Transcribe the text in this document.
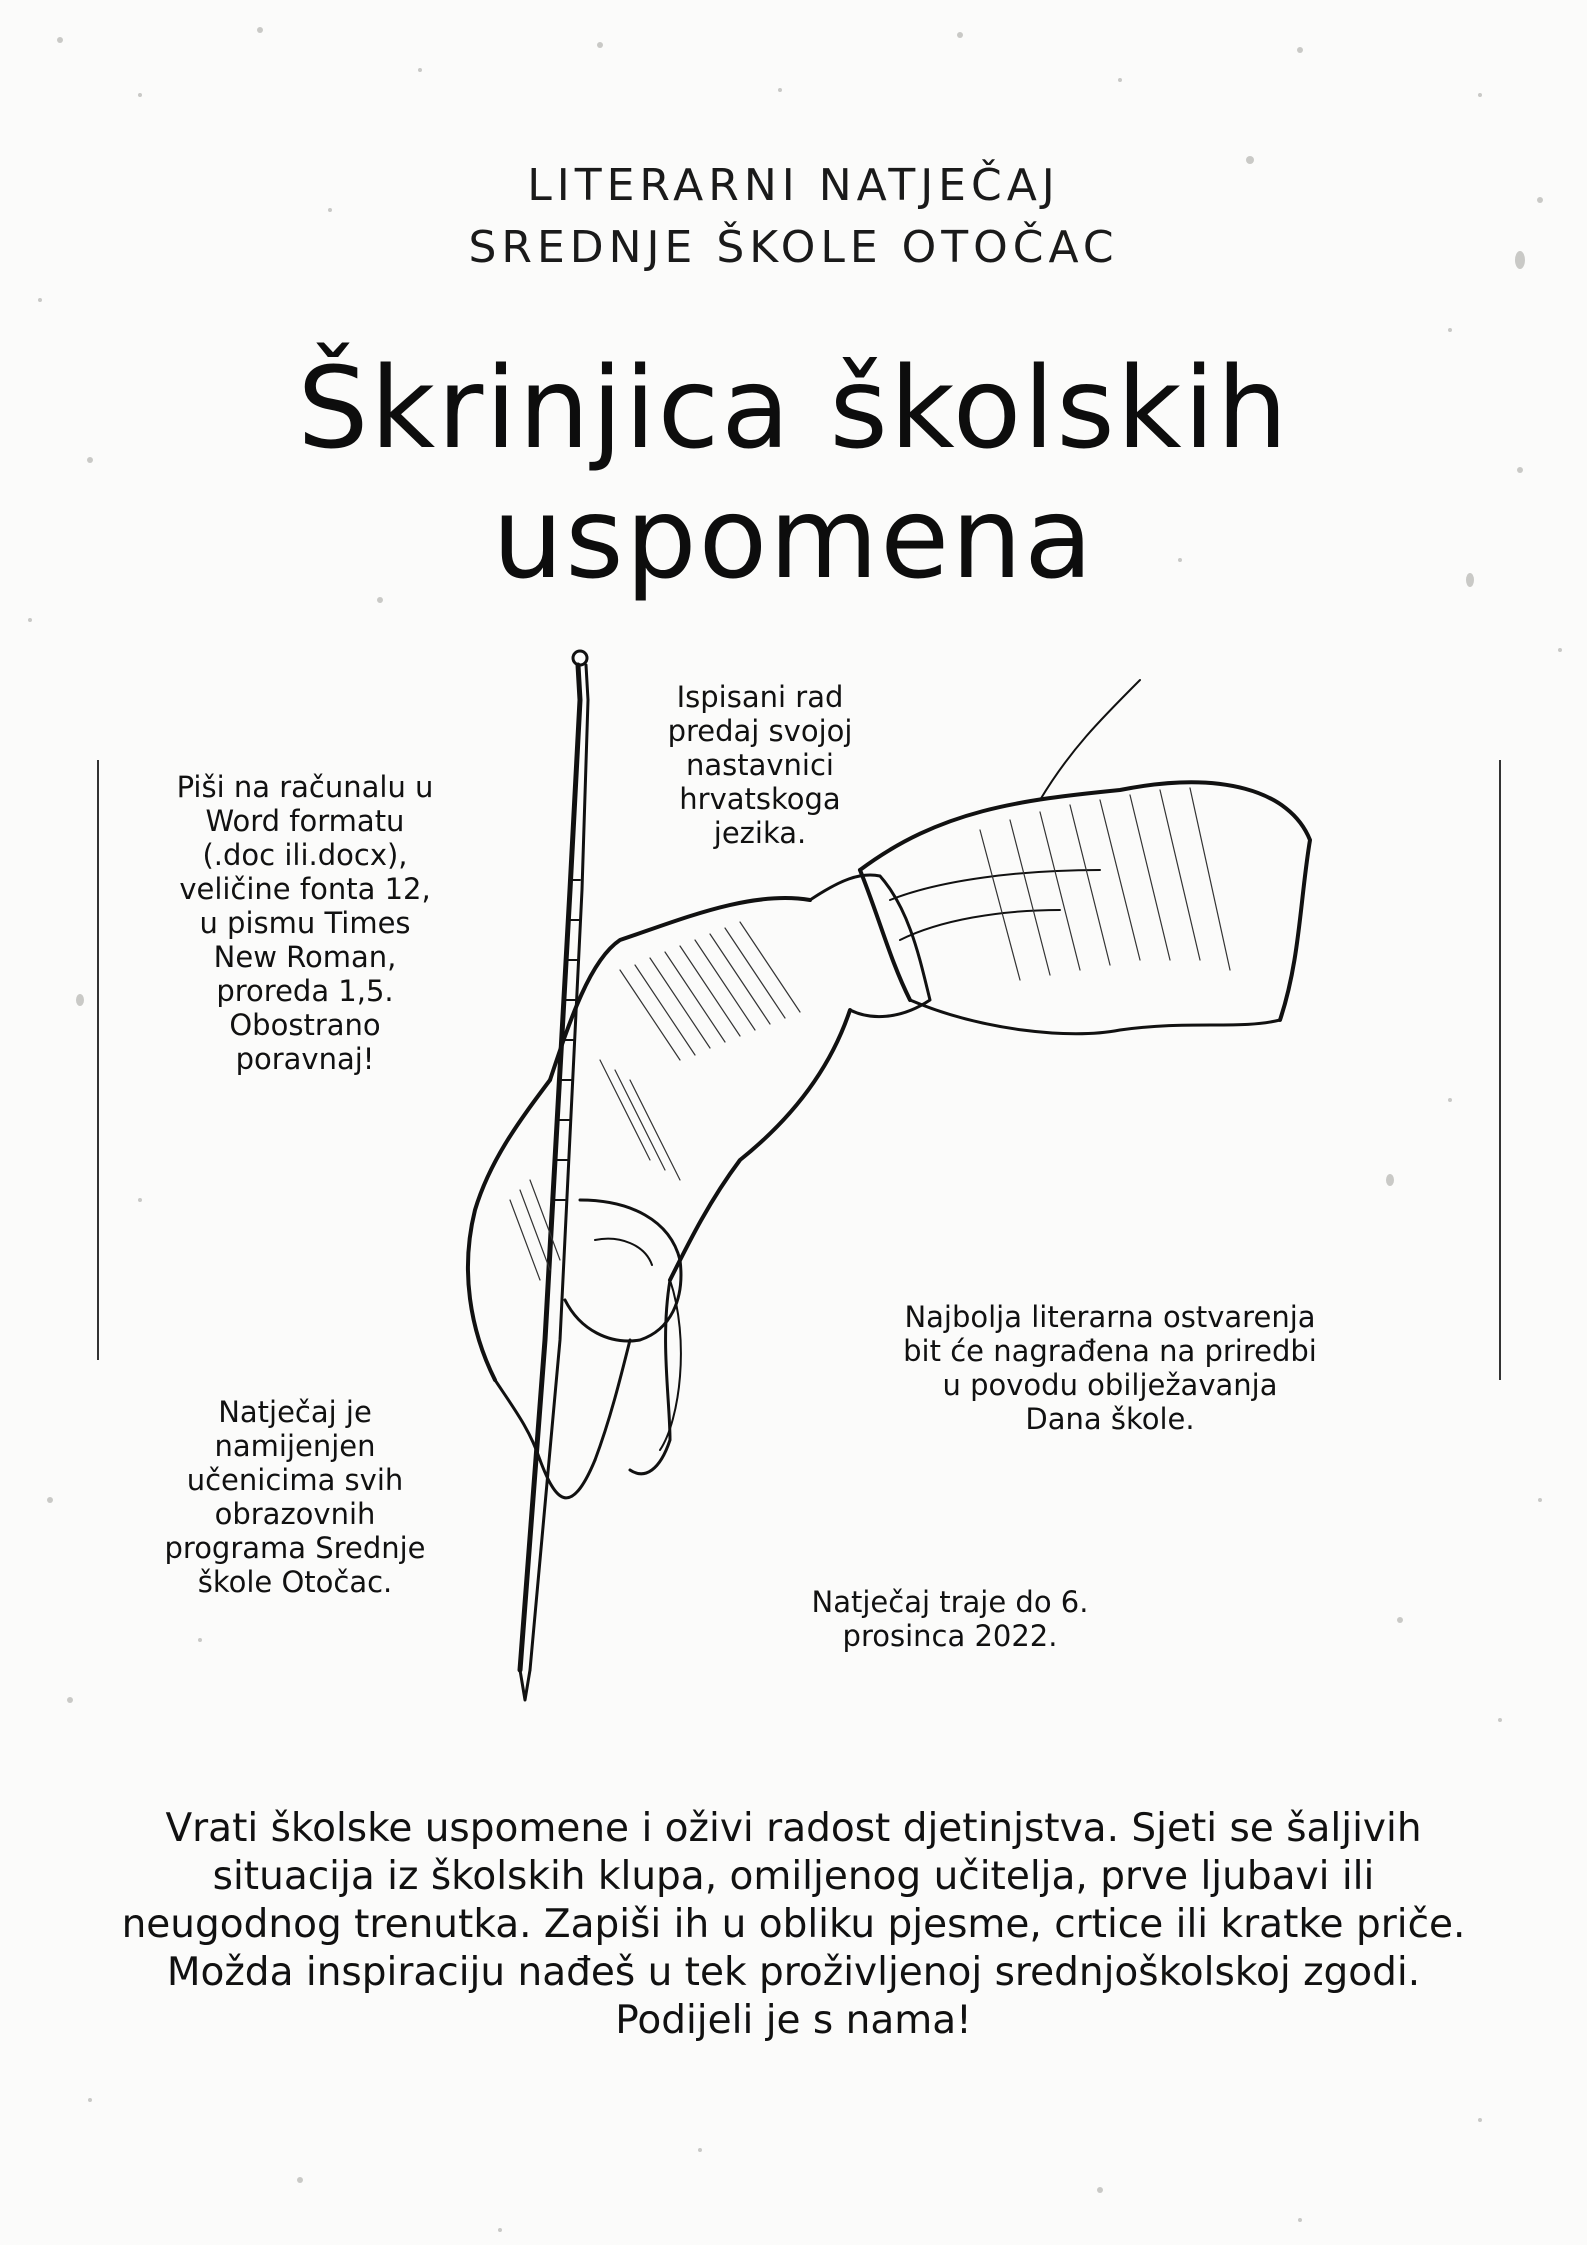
LITERARNI NATJEČAJ
SREDNJE ŠKOLE OTOČAC
Škrinjica školskih
uspomena
Piši na računalu u Word formatu (.doc ili.docx), veličine fonta 12, u pismu Times New Roman, proreda 1,5. Obostrano poravnaj!
Ispisani rad predaj svojoj nastavnici hrvatskoga jezika.
Najbolja literarna ostvarenja bit će nagrađena na priredbi u povodu obilježavanja Dana škole.
Natječaj je namijenjen učenicima svih obrazovnih programa Srednje škole Otočac.
Natječaj traje do 6. prosinca 2022.
Vrati školske uspomene i oživi radost djetinjstva. Sjeti se šaljivih situacija iz školskih klupa, omiljenog učitelja, prve ljubavi ili neugodnog trenutka. Zapiši ih u obliku pjesme, crtice ili kratke priče. Možda inspiraciju nađeš u tek proživljenoj srednjoškolskoj zgodi. Podijeli je s nama!
